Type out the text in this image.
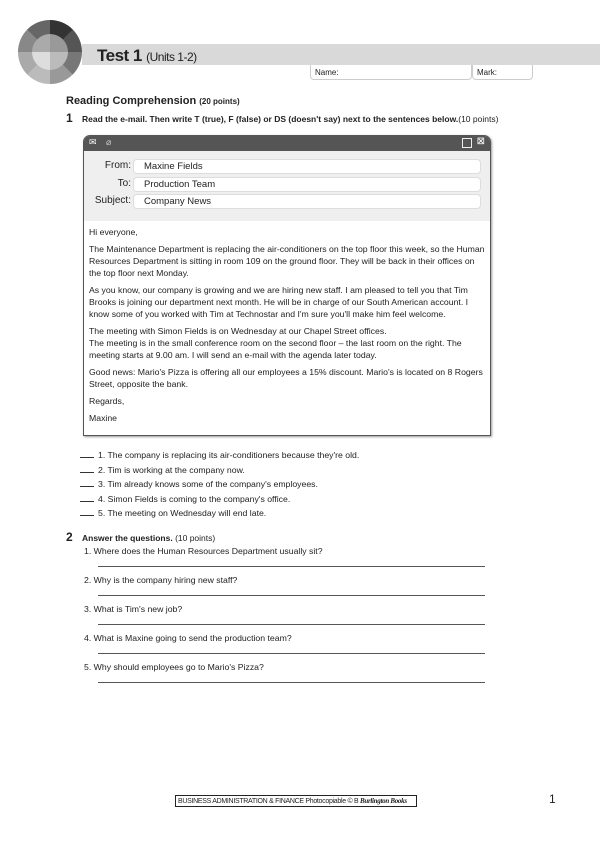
Test 1 (Units 1-2)
Name:	Mark:
Reading Comprehension (20 points)
1 Read the e-mail. Then write T (true), F (false) or DS (doesn't say) next to the sentences below.(10 points)
✉ ⌀	⊠
From:	Maxine Fields
To:	Production Team
Subject:	Company News

Hi everyone,

The Maintenance Department is replacing the air-conditioners on the top floor this week, so the Human Resources Department is sitting in room 109 on the ground floor. They will be back in their offices on the top floor next Monday.

As you know, our company is growing and we are hiring new staff. I am pleased to tell you that Tim Brooks is joining our department next month. He will be in charge of our South American account. I know some of you worked with Tim at Technostar and I'm sure you'll make him feel welcome.

The meeting with Simon Fields is on Wednesday at our Chapel Street offices.

The meeting is in the small conference room on the second floor – the last room on the right. The meeting starts at 9.00 am. I will send an e-mail with the agenda later today.

Good news: Mario's Pizza is offering all our employees a 15% discount. Mario's is located on 8 Rogers Street, opposite the bank.

Regards,

Maxine

1. The company is replacing its air-conditioners because they're old.
2. Tim is working at the company now.
3. Tim already knows some of the company's employees.
4. Simon Fields is coming to the company's office.
5. The meeting on Wednesday will end late.
2 Answer the questions. (10 points)
1. Where does the Human Resources Department usually sit?
2. Why is the company hiring new staff?
3. What is Tim's new job?
4. What is Maxine going to send the production team?
5. Why should employees go to Mario's Pizza?
BUSINESS ADMINISTRATION & FINANCE Photocopiable © B Burlington Books	1
